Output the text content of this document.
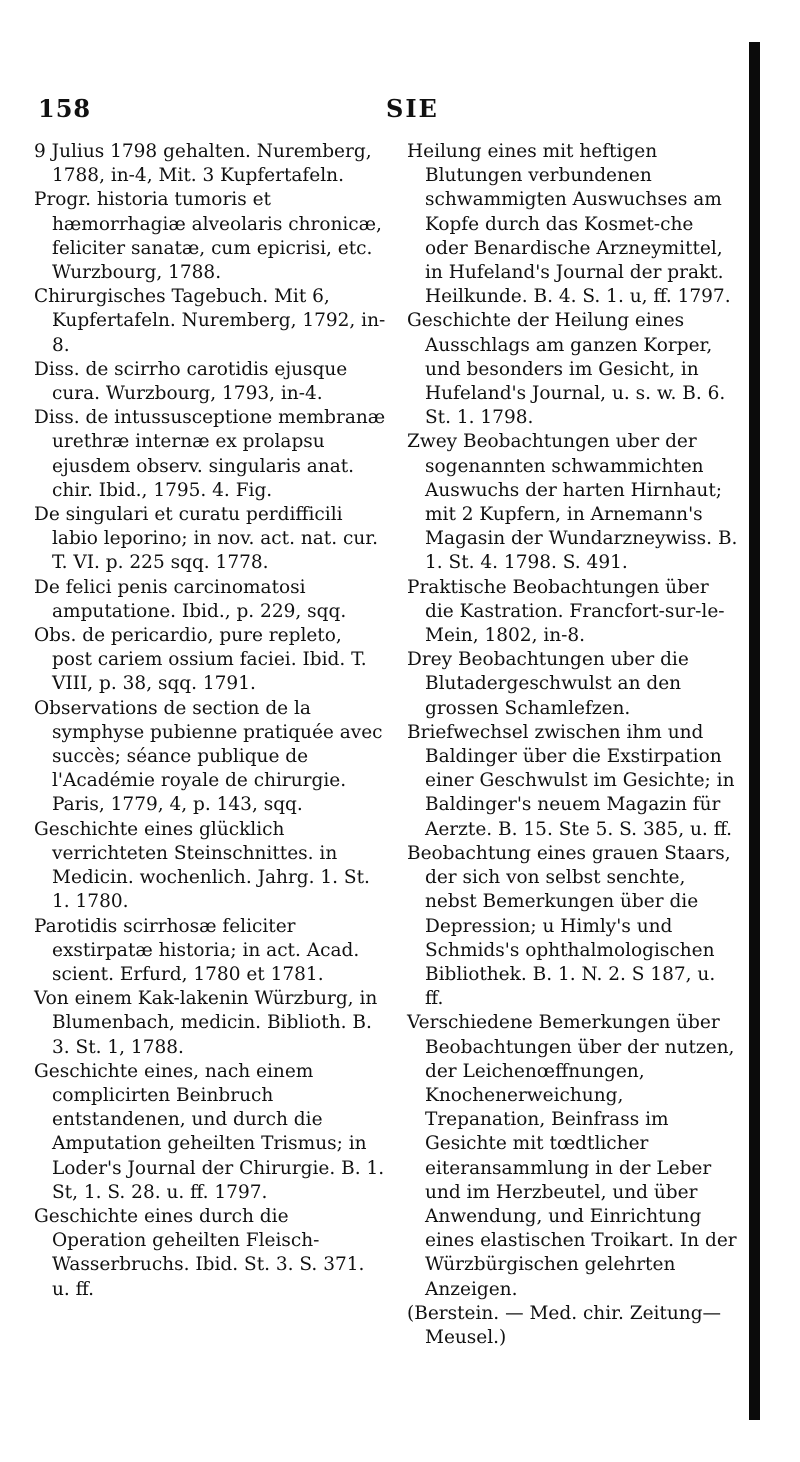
158	SIE

9 Julius 1798 gehalten. Nuremberg, 1788, in-4, Mit. 3 Kupfertafeln.

Progr. historia tumoris et hæmorrhagiæ alveolaris chronicæ, feliciter sanatæ, cum epicrisi, etc. Wurzbourg, 1788.

Chirurgisches Tagebuch. Mit 6, Kupfertafeln. Nuremberg, 1792, in-8.

Diss. de scirrho carotidis ejusque cura. Wurzbourg, 1793, in-4.

Diss. de intussusceptione membranæ urethræ internæ ex prolapsu ejusdem observ. singularis anat. chir. Ibid., 1795. 4. Fig.

De singulari et curatu perdifficili labio leporino; in nov. act. nat. cur. T. VI. p. 225 sqq. 1778.

De felici penis carcinomatosi amputatione. Ibid., p. 229, sqq.

Obs. de pericardio, pure repleto, post cariem ossium faciei. Ibid. T. VIII, p. 38, sqq. 1791.

Observations de section de la symphyse pubienne pratiquée avec succès; séance publique de l'Académie royale de chirurgie. Paris, 1779, 4, p. 143, sqq.

Geschichte eines glücklich verrichteten Steinschnittes. in Medicin. wochenlich. Jahrg. 1. St. 1. 1780.

Parotidis scirrhosæ feliciter exstirpatæ historia; in act. Acad. scient. Erfurd, 1780 et 1781.

Von einem Kak-lakenin Würzburg, in Blumenbach, medicin. Biblioth. B. 3. St. 1, 1788.

Geschichte eines, nach einem complicirten Beinbruch entstandenen, und durch die Amputation geheilten Trismus; in Loder's Journal der Chirurgie. B. 1. St, 1. S. 28. u. ff. 1797.

Geschichte eines durch die Operation geheilten Fleisch-Wasserbruchs. Ibid. St. 3. S. 371. u. ff.

Heilung eines mit heftigen Blutungen verbundenen schwammigten Auswuchses am Kopfe durch das Kosmet-che oder Benardische Arzneymittel, in Hufeland's Journal der prakt. Heilkunde. B. 4. S. 1. u, ff. 1797.

Geschichte der Heilung eines Ausschlags am ganzen Korper, und besonders im Gesicht, in Hufeland's Journal, u. s. w. B. 6. St. 1. 1798.

Zwey Beobachtungen uber der sogenannten schwammichten Auswuchs der harten Hirnhaut; mit 2 Kupfern, in Arnemann's Magasin der Wundarzneywiss. B. 1. St. 4. 1798. S. 491.

Praktische Beobachtungen über die Kastration. Francfort-sur-le-Mein, 1802, in-8.

Drey Beobachtungen uber die Blutadergeschwulst an den grossen Schamlefzen.

Briefwechsel zwischen ihm und Baldinger über die Exstirpation einer Geschwulst im Gesichte; in Baldinger's neuem Magazin für Aerzte. B. 15. Ste 5. S. 385, u. ff.

Beobachtung eines grauen Staars, der sich von selbst senchte, nebst Bemerkungen über die Depression; u Himly's und Schmids's ophthalmologischen Bibliothek. B. 1. N. 2. S 187, u. ff.

Verschiedene Bemerkungen über Beobachtungen über der nutzen, der Leichenœffnungen, Knochenerweichung, Trepanation, Beinfrass im Gesichte mit tœdtlicher eiteransammlung in der Leber und im Herzbeutel, und über Anwendung, und Einrichtung eines elastischen Troikart. In der Würzbürgischen gelehrten Anzeigen.

(Berstein. — Med. chir. Zeitung— Meusel.)
